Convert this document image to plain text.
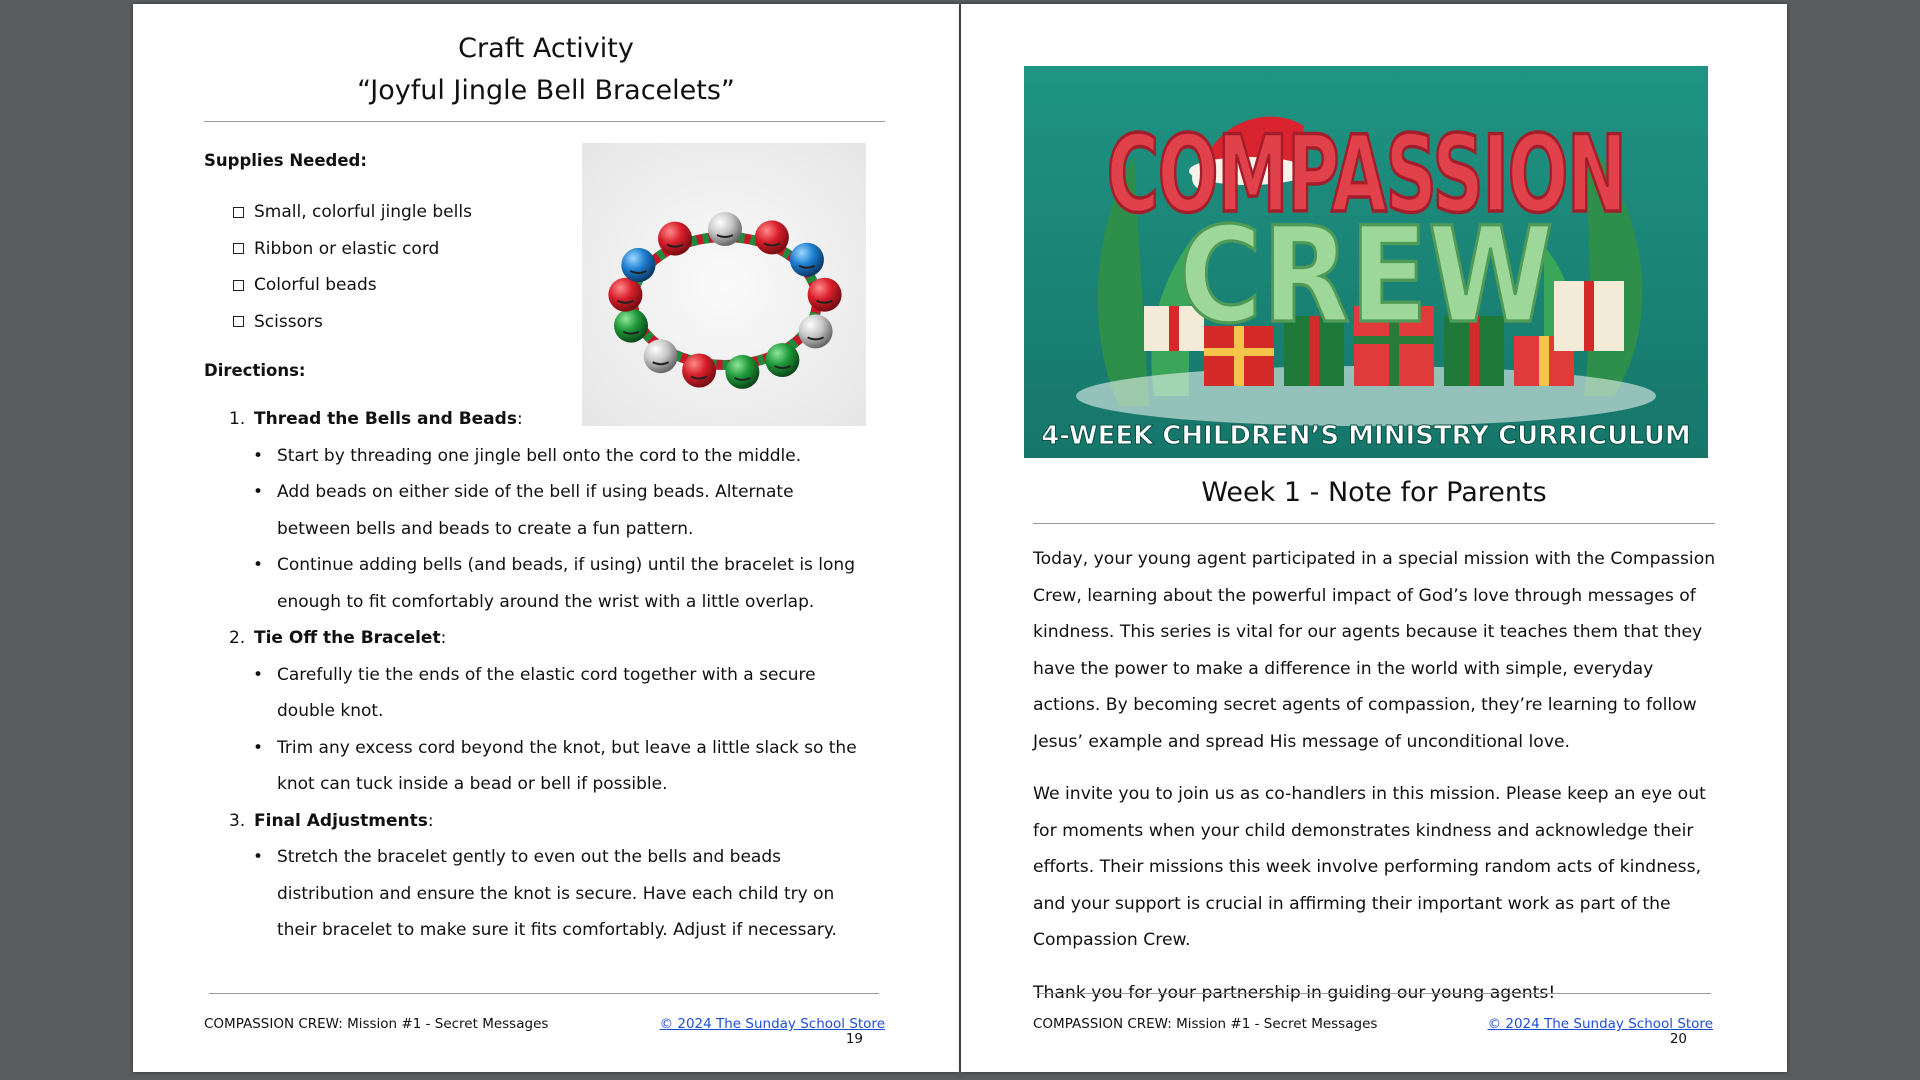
Craft Activity
“Joyful Jingle Bell Bracelets”
Supplies Needed:
Small, colorful jingle bells
Ribbon or elastic cord
Colorful beads
Scissors
Directions:
1. Thread the Bells and Beads :
• Start by threading one jingle bell onto the cord to the middle.
• Add beads on either side of the bell if using beads. Alternate between bells and beads to create a fun pattern.
• Continue adding bells (and beads, if using) until the bracelet is long enough to fit comfortably around the wrist with a little overlap.
2. Tie Off the Bracelet :
• Carefully tie the ends of the elastic cord together with a secure double knot.
• Trim any excess cord beyond the knot, but leave a little slack so the knot can tuck inside a bead or bell if possible.
3. Final Adjustments :
• Stretch the bracelet gently to even out the bells and beads distribution and ensure the knot is secure. Have each child try on their bracelet to make sure it fits comfortably. Adjust if necessary.
COMPASSION CREW: Mission #1 - Secret Messages	© 2024 The Sunday School Store
19
COMPASSION
CREW
4-WEEK CHILDREN’S MINISTRY CURRICULUM
Week 1 - Note for Parents

Today, your young agent participated in a special mission with the Compassion Crew, learning about the powerful impact of God’s love through messages of kindness. This series is vital for our agents because it teaches them that they have the power to make a difference in the world with simple, everyday actions. By becoming secret agents of compassion, they’re learning to follow Jesus’ example and spread His message of unconditional love.

We invite you to join us as co-handlers in this mission. Please keep an eye out for moments when your child demonstrates kindness and acknowledge their efforts. Their missions this week involve performing random acts of kindness, and your support is crucial in affirming their important work as part of the Compassion Crew.

Thank you for your partnership in guiding our young agents!

COMPASSION CREW: Mission #1 - Secret Messages	© 2024 The Sunday School Store
20
